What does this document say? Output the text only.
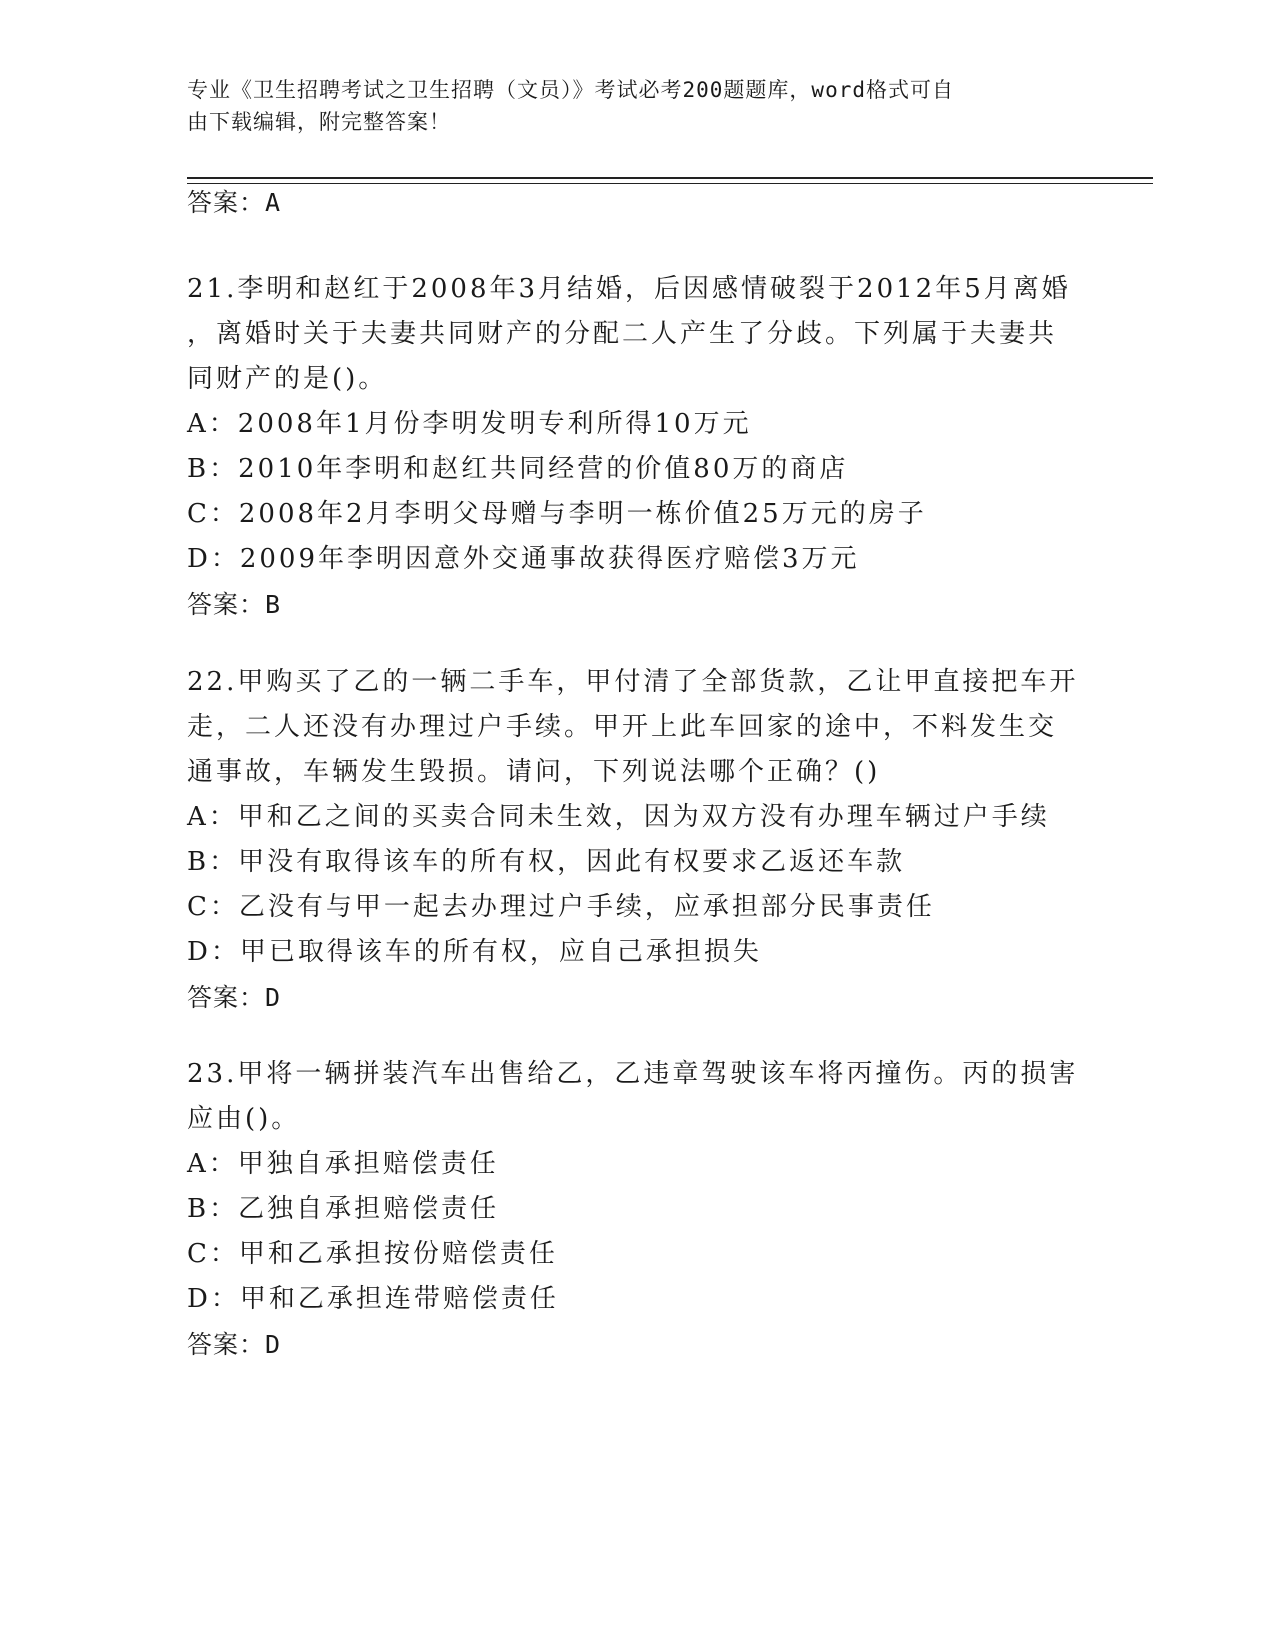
专业《卫生招聘考试之卫生招聘（文员）》考试必考200题题库，word格式可自
由下载编辑，附完整答案！
答案：A
21.李明和赵红于2008年3月结婚，后因感情破裂于2012年5月离婚
，离婚时关于夫妻共同财产的分配二人产生了分歧。下列属于夫妻共
同财产的是()。
A：2008年1月份李明发明专利所得10万元
B：2010年李明和赵红共同经营的价值80万的商店
C：2008年2月李明父母赠与李明一栋价值25万元的房子
D：2009年李明因意外交通事故获得医疗赔偿3万元
答案：B
22.甲购买了乙的一辆二手车，甲付清了全部货款，乙让甲直接把车开
走，二人还没有办理过户手续。甲开上此车回家的途中，不料发生交
通事故，车辆发生毁损。请问，下列说法哪个正确？()
A：甲和乙之间的买卖合同未生效，因为双方没有办理车辆过户手续
B：甲没有取得该车的所有权，因此有权要求乙返还车款
C：乙没有与甲一起去办理过户手续，应承担部分民事责任
D：甲已取得该车的所有权，应自己承担损失
答案：D
23.甲将一辆拼装汽车出售给乙，乙违章驾驶该车将丙撞伤。丙的损害
应由()。
A：甲独自承担赔偿责任
B：乙独自承担赔偿责任
C：甲和乙承担按份赔偿责任
D：甲和乙承担连带赔偿责任
答案：D
